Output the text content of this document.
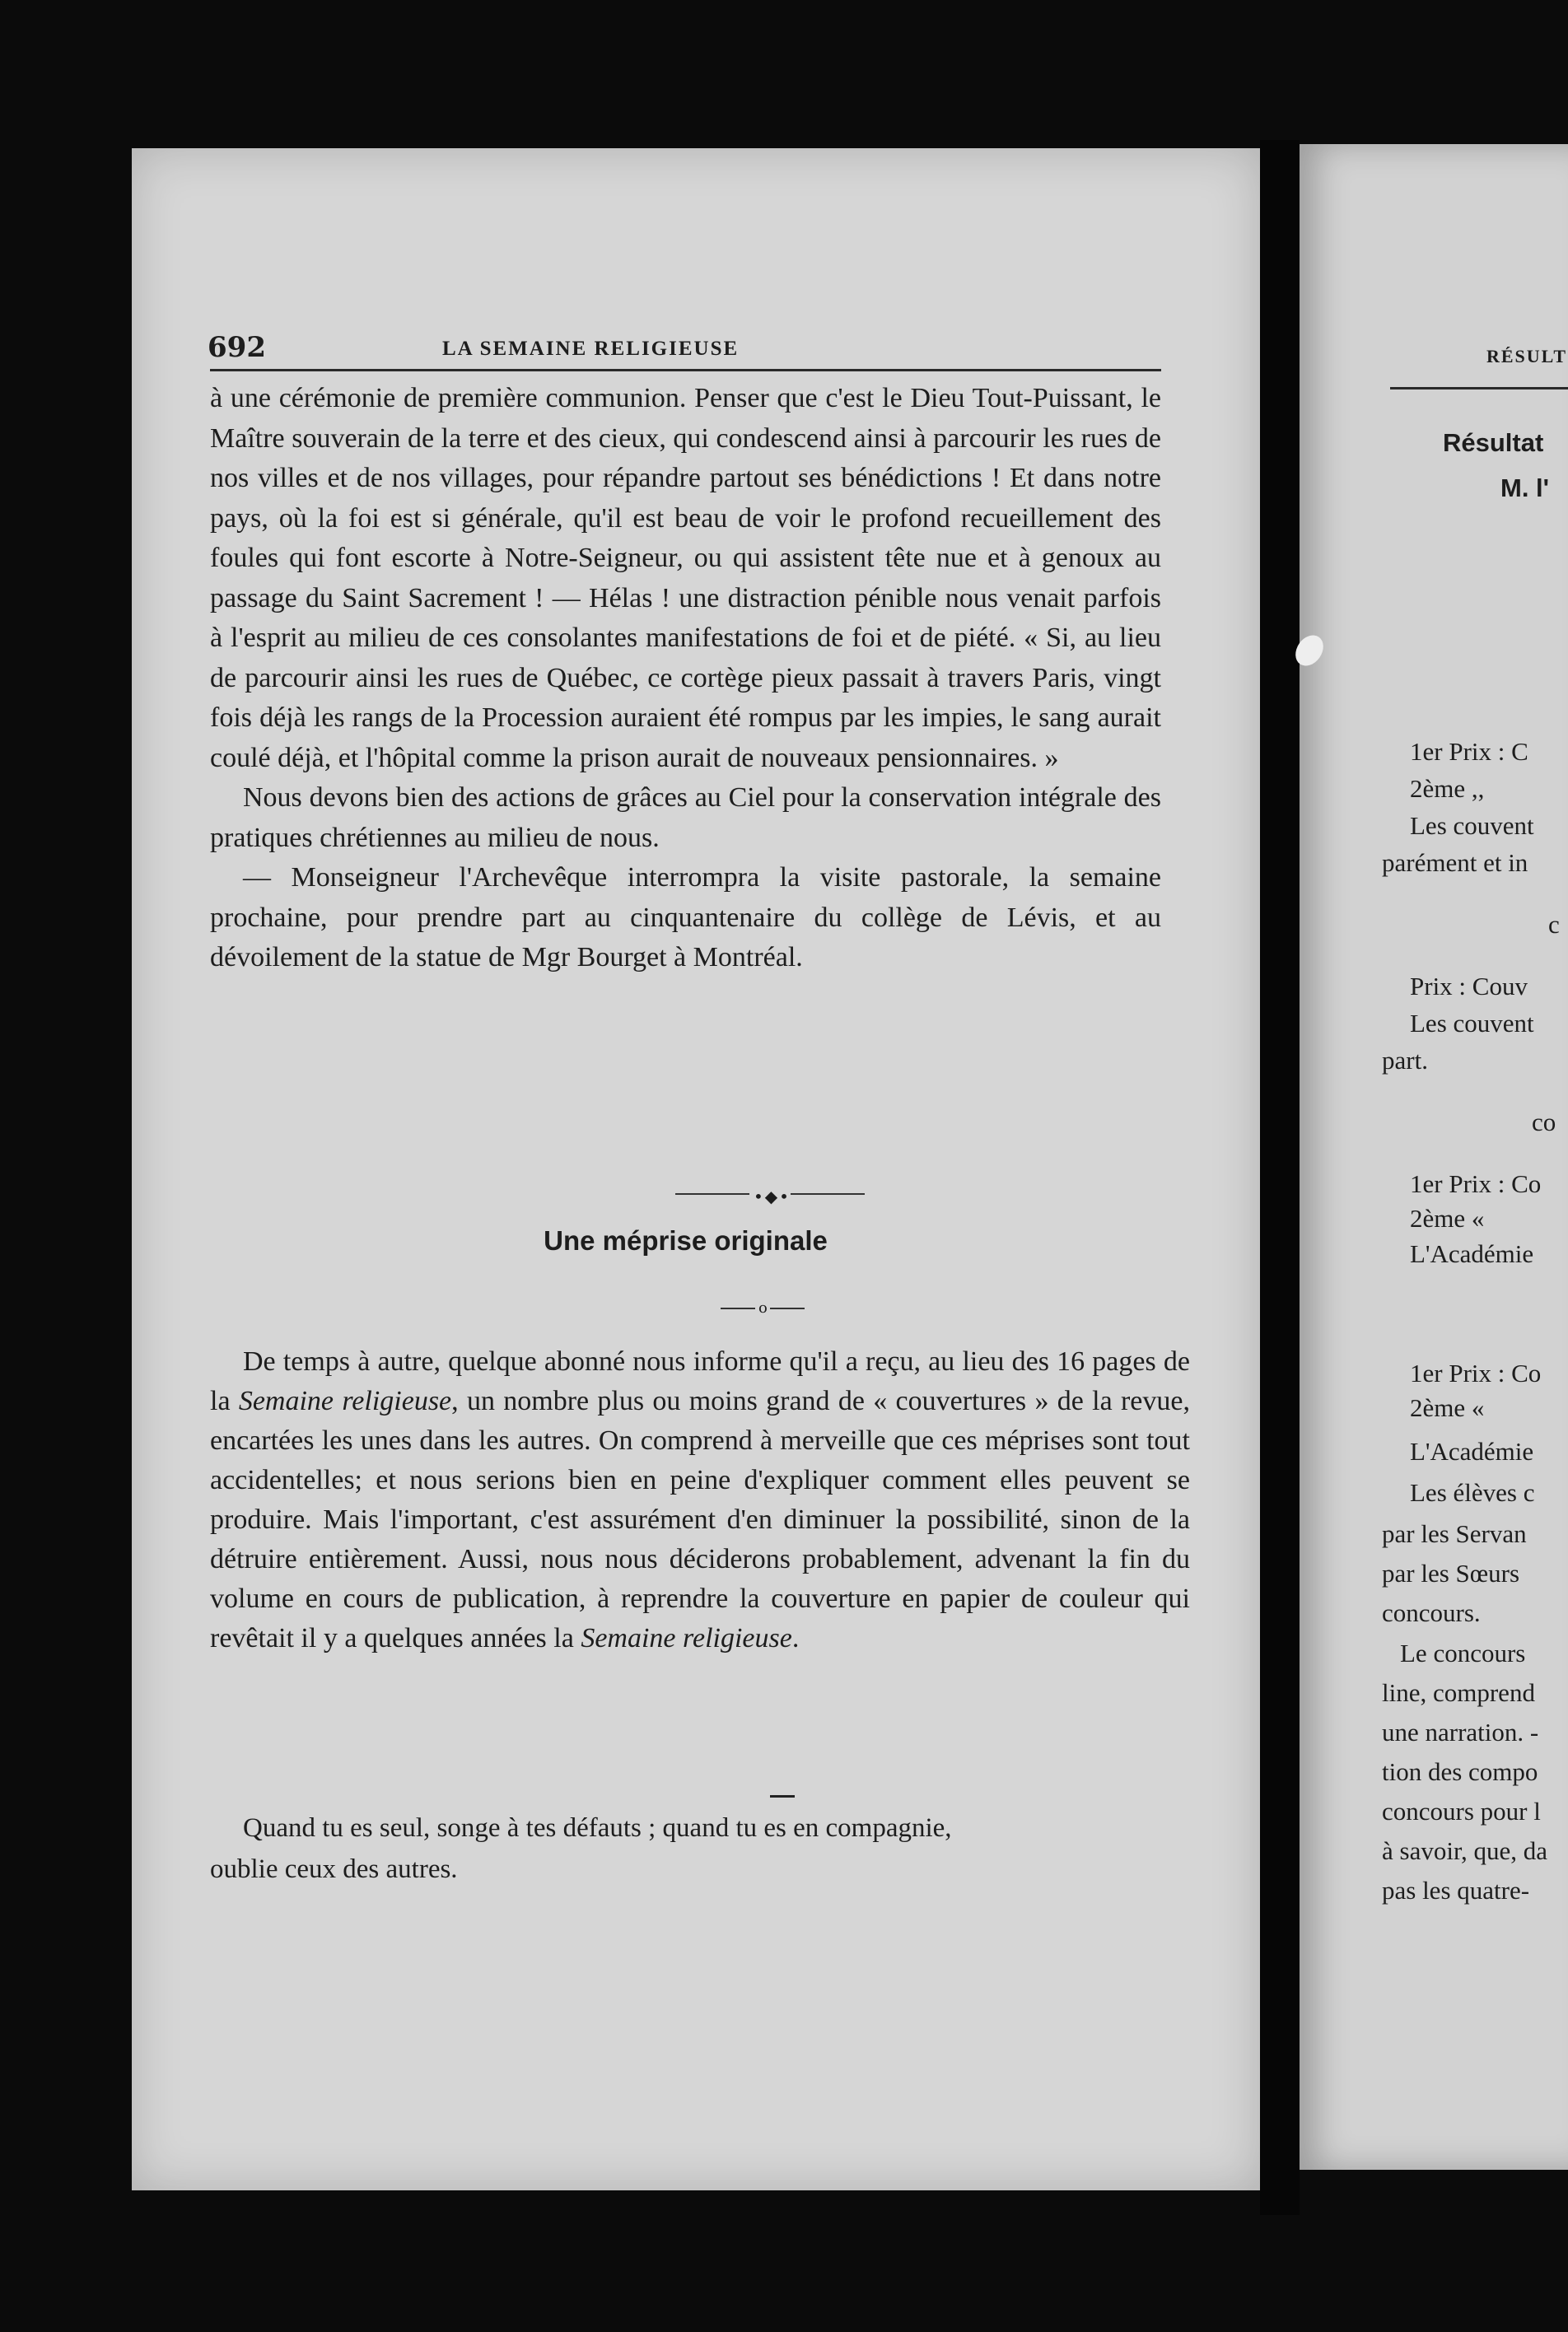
692	LA SEMAINE RELIGIEUSE

à une cérémonie de première communion. Penser que c'est le Dieu Tout-Puissant, le Maître souverain de la terre et des cieux, qui condescend ainsi à parcourir les rues de nos villes et de nos villages, pour répandre partout ses bénédictions ! Et dans notre pays, où la foi est si générale, qu'il est beau de voir le profond recueillement des foules qui font escorte à Notre-Seigneur, ou qui assistent tête nue et à genoux au passage du Saint Sacrement ! — Hélas ! une distraction pénible nous venait parfois à l'esprit au milieu de ces consolantes manifestations de foi et de piété. « Si, au lieu de parcourir ainsi les rues de Québec, ce cortège pieux passait à travers Paris, vingt fois déjà les rangs de la Procession auraient été rompus par les impies, le sang aurait coulé déjà, et l'hôpital comme la prison aurait de nouveaux pensionnaires. »

Nous devons bien des actions de grâces au Ciel pour la conservation intégrale des pratiques chrétiennes au milieu de nous.

— Monseigneur l'Archevêque interrompra la visite pastorale, la semaine prochaine, pour prendre part au cinquantenaire du collège de Lévis, et au dévoilement de la statue de Mgr Bourget à Montréal.

•◆•
Une méprise originale
o

De temps à autre, quelque abonné nous informe qu'il a reçu, au lieu des 16 pages de la Semaine religieuse, un nombre plus ou moins grand de « couvertures » de la revue, encartées les unes dans les autres. On comprend à merveille que ces méprises sont tout accidentelles; et nous serions bien en peine d'expliquer comment elles peuvent se produire. Mais l'important, c'est assurément d'en diminuer la possibilité, sinon de la détruire entièrement. Aussi, nous nous déciderons probablement, advenant la fin du volume en cours de publication, à reprendre la couverture en papier de couleur qui revêtait il y a quelques années la Semaine religieuse.

Quand tu es seul, songe à tes défauts ; quand tu es en compagnie,

oublie ceux des autres.

RÉSULT
Résultat
M. l'
1er Prix : C
2ème ,,
Les couvent
parément et in
c
Prix : Couv
Les couvent
part.
co
1er Prix : Co
2ème «
L'Académie
1er Prix : Co
2ème «
L'Académie
Les élèves c
par les Servan
par les Sœurs
concours.
Le concours
line, comprend
une narration. -
tion des compo
concours pour l
à savoir, que, da
pas les quatre-
